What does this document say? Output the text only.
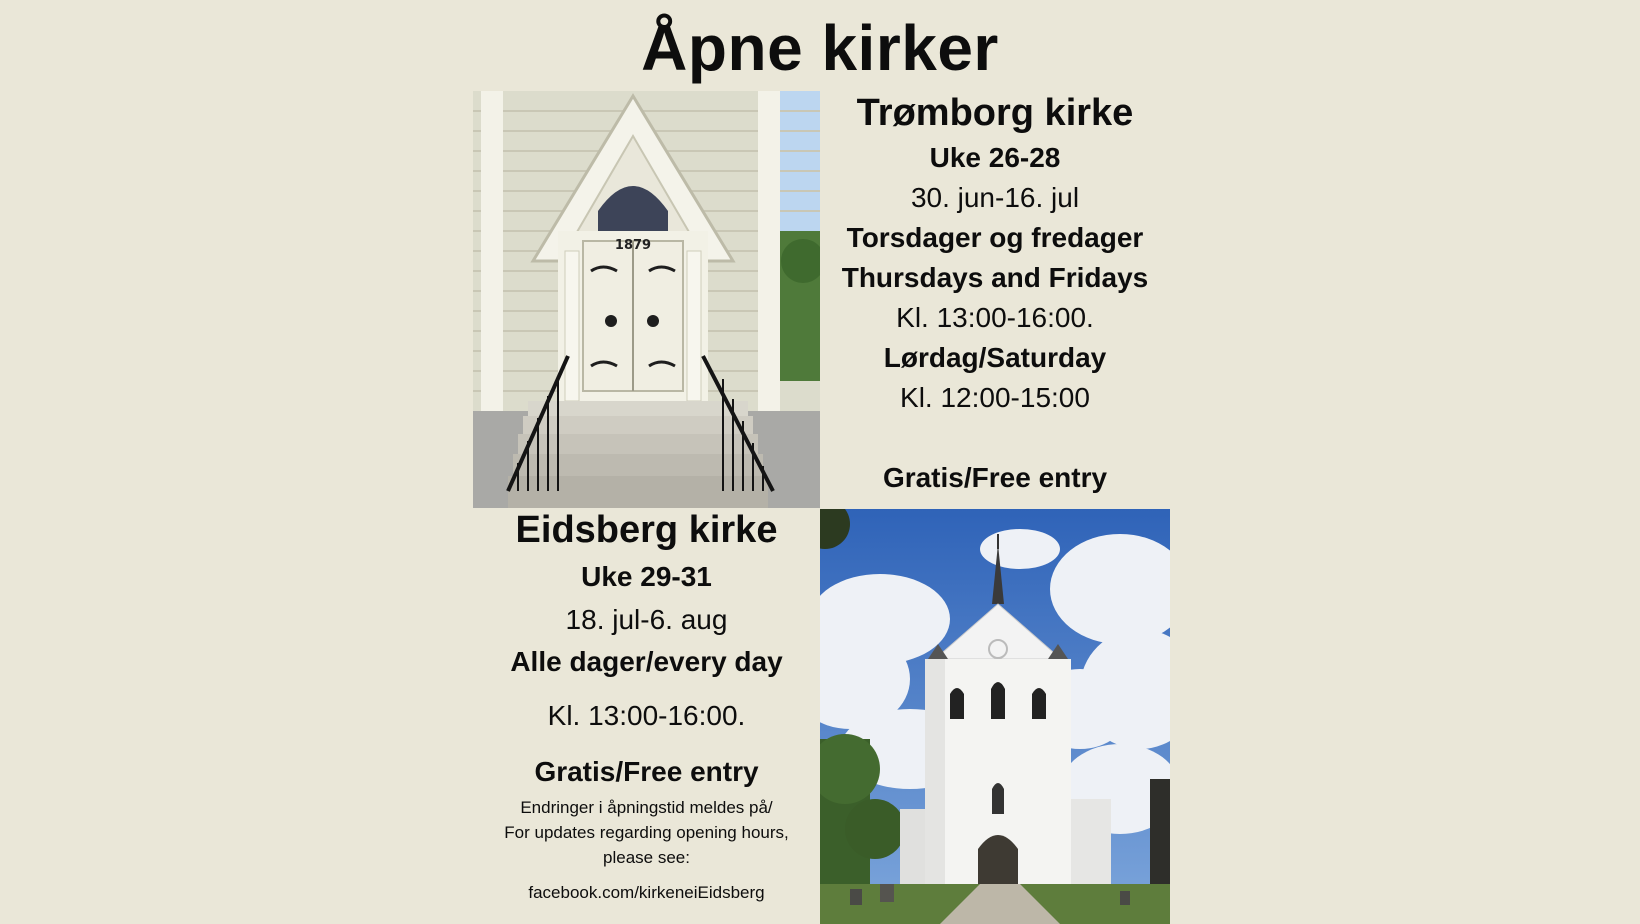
Åpne kirker
1879
Trømborg kirke
Uke 26-28
30. jun-16. jul
Torsdager og fredager
Thursdays and Fridays
Kl. 13:00-16:00.
Lørdag/Saturday
Kl. 12:00-15:00
Gratis/Free entry
Eidsberg kirke
Uke 29-31
18. jul-6. aug
Alle dager/every day
Kl. 13:00-16:00.
Gratis/Free entry
Endringer i åpningstid meldes på/
For updates regarding opening hours,
please see:
facebook.com/kirkeneiEidsberg
